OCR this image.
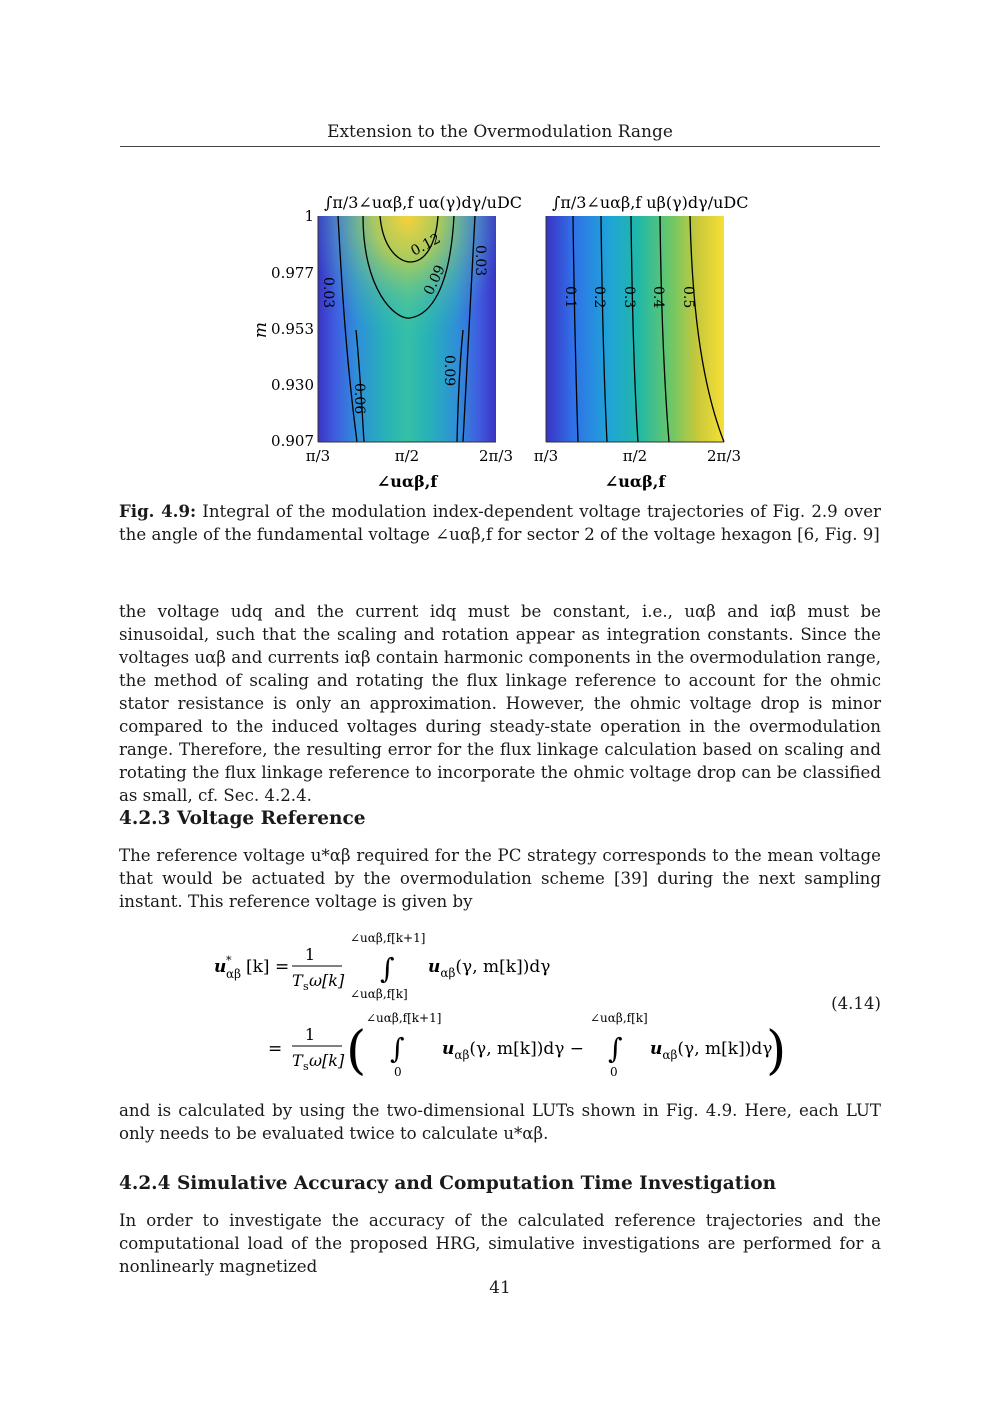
Extension to the Overmodulation Range
0.12
0.09
0.03
0.03
0.06
0.09
∫π/3∠uαβ,f uα(γ)dγ/uDC
1
0.977
0.953
0.930
0.907
m
π/3	π/2	2π/3
∠uαβ,f
0.1 0.2 0.3 0.4 0.5
∫π/3∠uαβ,f uβ(γ)dγ/uDC
π/3	π/2	2π/3
∠uαβ,f
Fig. 4.9: Integral of the modulation index-dependent voltage trajectories of Fig. 2.9 over the angle of the fundamental voltage ∠uαβ,f for sector 2 of the voltage hexagon [6, Fig. 9]
the voltage udq and the current idq must be constant, i.e., uαβ and iαβ must be sinusoidal, such that the scaling and rotation appear as integration constants. Since the voltages uαβ and currents iαβ contain harmonic components in the overmodulation range, the method of scaling and rotating the flux linkage reference to account for the ohmic stator resistance is only an approximation. However, the ohmic voltage drop is minor compared to the induced voltages during steady-state operation in the overmodulation range. Therefore, the resulting error for the flux linkage calculation based on scaling and rotating the flux linkage reference to incorporate the ohmic voltage drop can be classified as small, cf. Sec. 4.2.4.
4.2.3 Voltage Reference
The reference voltage u*αβ required for the PC strategy corresponds to the mean voltage that would be actuated by the overmodulation scheme [39] during the next sampling instant. This reference voltage is given by
u *
αβ [k] =
1
T s ω[k]
∠uαβ,f[k+1]
∫
∠uαβ,f[k]
$u_{\alpha\beta}(\gamma$, m[k])dγ
=
1
T s ω[k] (
∠uαβ,f[k+1]
∫
0
$u_{\alpha\beta}(\gamma$, m[k])dγ −
∠uαβ,f[k]
∫
0
$u_{\alpha\beta}(\gamma$, m[k])dγ
)
(4.14)
and is calculated by using the two-dimensional LUTs shown in Fig. 4.9. Here, each LUT only needs to be evaluated twice to calculate u*αβ.
4.2.4 Simulative Accuracy and Computation Time Investigation
In order to investigate the accuracy of the calculated reference trajectories and the computational load of the proposed HRG, simulative investigations are performed for a nonlinearly magnetized
41
